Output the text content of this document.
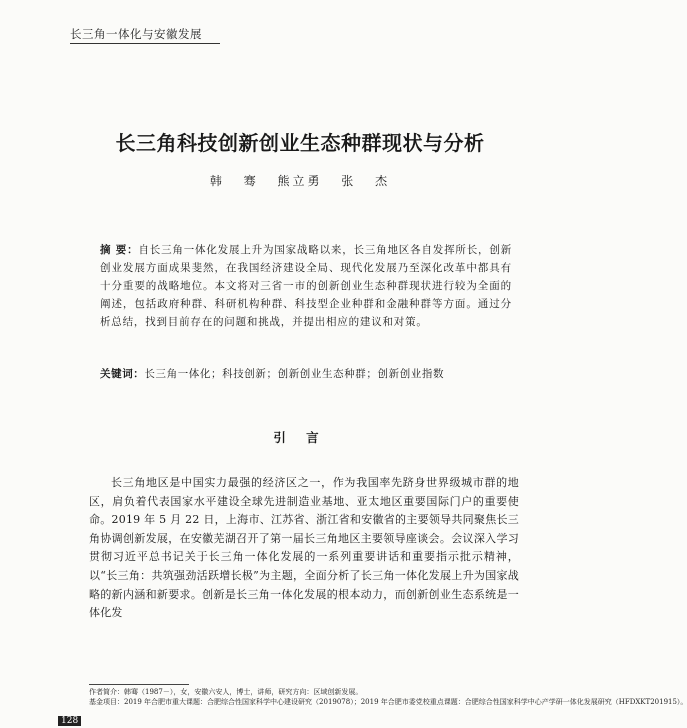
长三角一体化与安徽发展
长三角科技创新创业生态种群现状与分析
韩 骞 熊立勇 张 杰
摘 要：自长三角一体化发展上升为国家战略以来，长三角地区各自发挥所长，创新创业发展方面成果斐然，在我国经济建设全局、现代化发展乃至深化改革中都具有十分重要的战略地位。本文将对三省一市的创新创业生态种群现状进行较为全面的阐述，包括政府种群、科研机构种群、科技型企业种群和金融种群等方面。通过分析总结，找到目前存在的问题和挑战，并提出相应的建议和对策。
关键词：长三角一体化；科技创新；创新创业生态种群；创新创业指数
引 言
长三角地区是中国实力最强的经济区之一，作为我国率先跻身世界级城市群的地区，肩负着代表国家水平建设全球先进制造业基地、亚太地区重要国际门户的重要使命。2019 年 5 月 22 日，上海市、江苏省、浙江省和安徽省的主要领导共同聚焦长三角协调创新发展，在安徽芜湖召开了第一届长三角地区主要领导座谈会。会议深入学习贯彻习近平总书记关于长三角一体化发展的一系列重要讲话和重要指示批示精神，以“长三角：共筑强劲活跃增长极”为主题，全面分析了长三角一体化发展上升为国家战略的新内涵和新要求。创新是长三角一体化发展的根本动力，而创新创业生态系统是一体化发
作者简介：韩骞（1987－），女，安徽六安人，博士，讲师，研究方向：区域创新发展。
基金项目：2019 年合肥市重大课题：合肥综合性国家科学中心建设研究（2019078）；2019 年合肥市委党校重点课题：合肥综合性国家科学中心产学研一体化发展研究（HFDXKT201915）。
128
